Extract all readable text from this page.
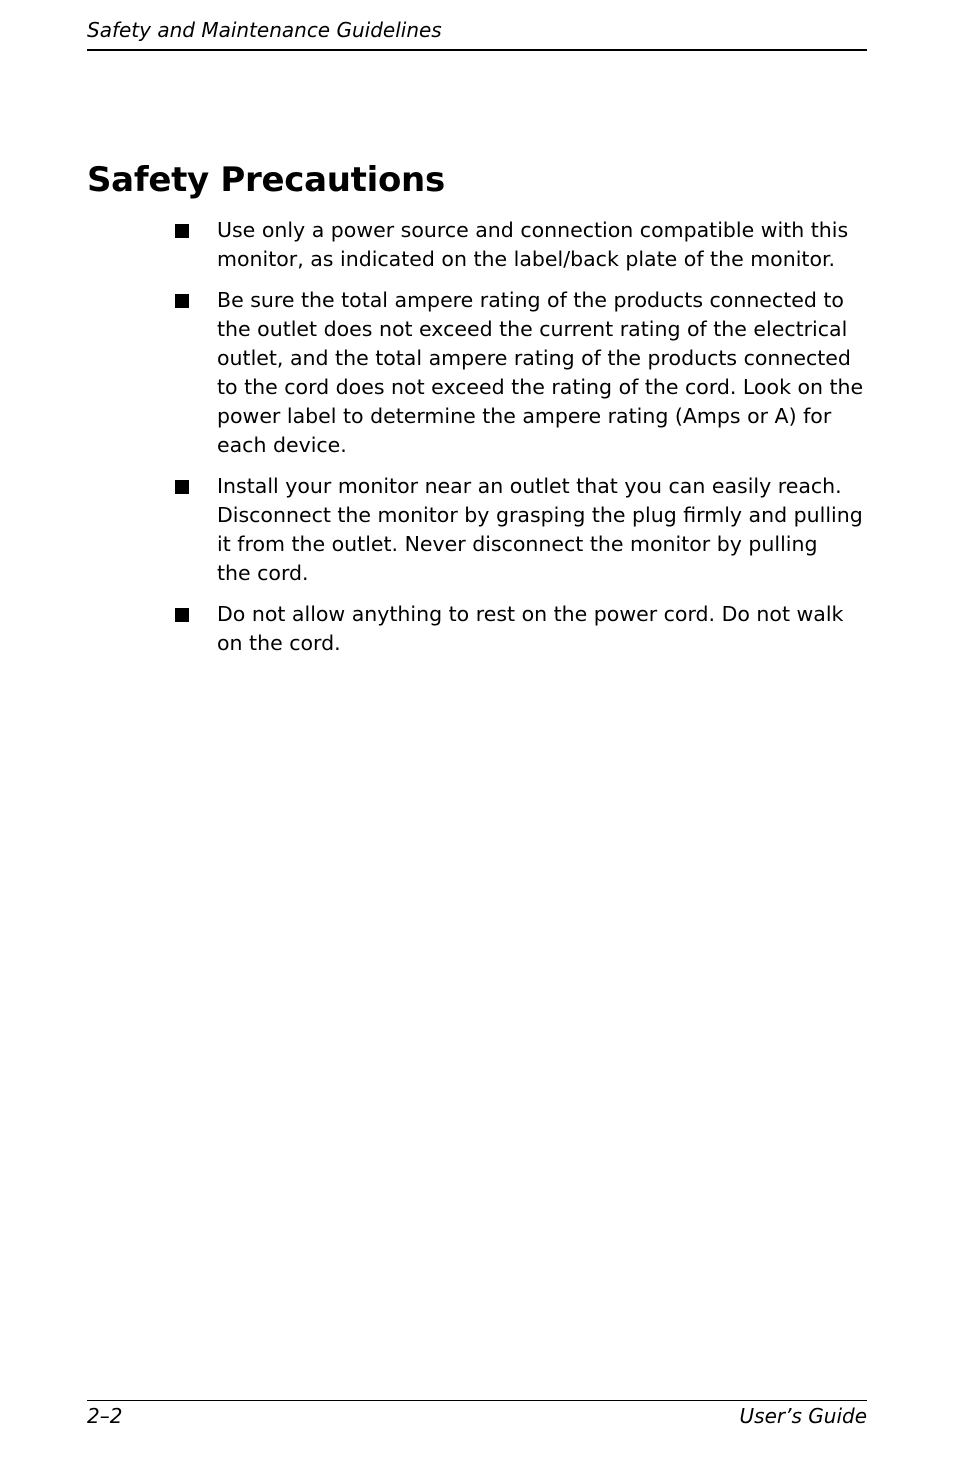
Safety and Maintenance Guidelines
Safety Precautions
Use only a power source and connection compatible with this
monitor, as indicated on the label/back plate of the monitor.
Be sure the total ampere rating of the products connected to
the outlet does not exceed the current rating of the electrical
outlet, and the total ampere rating of the products connected
to the cord does not exceed the rating of the cord. Look on the
power label to determine the ampere rating (Amps or A) for
each device.
Install your monitor near an outlet that you can easily reach.
Disconnect the monitor by grasping the plug firmly and pulling
it from the outlet. Never disconnect the monitor by pulling
the cord.
Do not allow anything to rest on the power cord. Do not walk
on the cord.
2–2	User’s Guide
